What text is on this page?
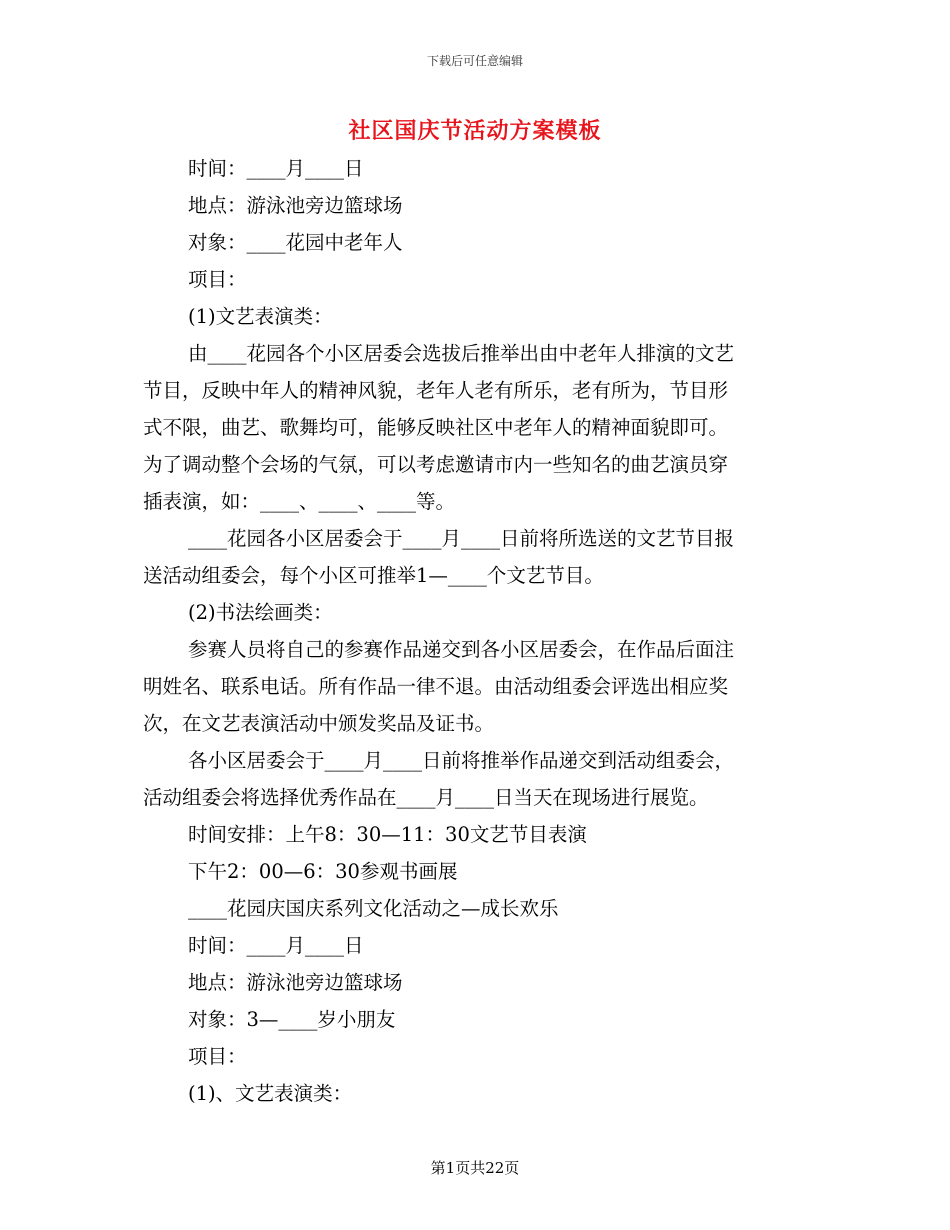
下载后可任意编辑
社区国庆节活动方案模板
时间：____月____日
地点：游泳池旁边篮球场
对象：____花园中老年人
项目：
(1)文艺表演类：
由____花园各个小区居委会选拔后推举出由中老年人排演的文艺
节目，反映中年人的精神风貌，老年人老有所乐，老有所为，节目形
式不限，曲艺、歌舞均可，能够反映社区中老年人的精神面貌即可。
为了调动整个会场的气氛，可以考虑邀请市内一些知名的曲艺演员穿
插表演，如：____、____、____等。
____花园各小区居委会于____月____日前将所选送的文艺节目报
送活动组委会，每个小区可推举1—____个文艺节目。
(2)书法绘画类：
参赛人员将自己的参赛作品递交到各小区居委会，在作品后面注
明姓名、联系电话。所有作品一律不退。由活动组委会评选出相应奖
次，在文艺表演活动中颁发奖品及证书。
各小区居委会于____月____日前将推举作品递交到活动组委会，
活动组委会将选择优秀作品在____月____日当天在现场进行展览。
时间安排：上午8：30—11：30文艺节目表演
下午2：00—6：30参观书画展
____花园庆国庆系列文化活动之—成长欢乐
时间：____月____日
地点：游泳池旁边篮球场
对象：3—____岁小朋友
项目：
(1)、文艺表演类：
第1页共22页
